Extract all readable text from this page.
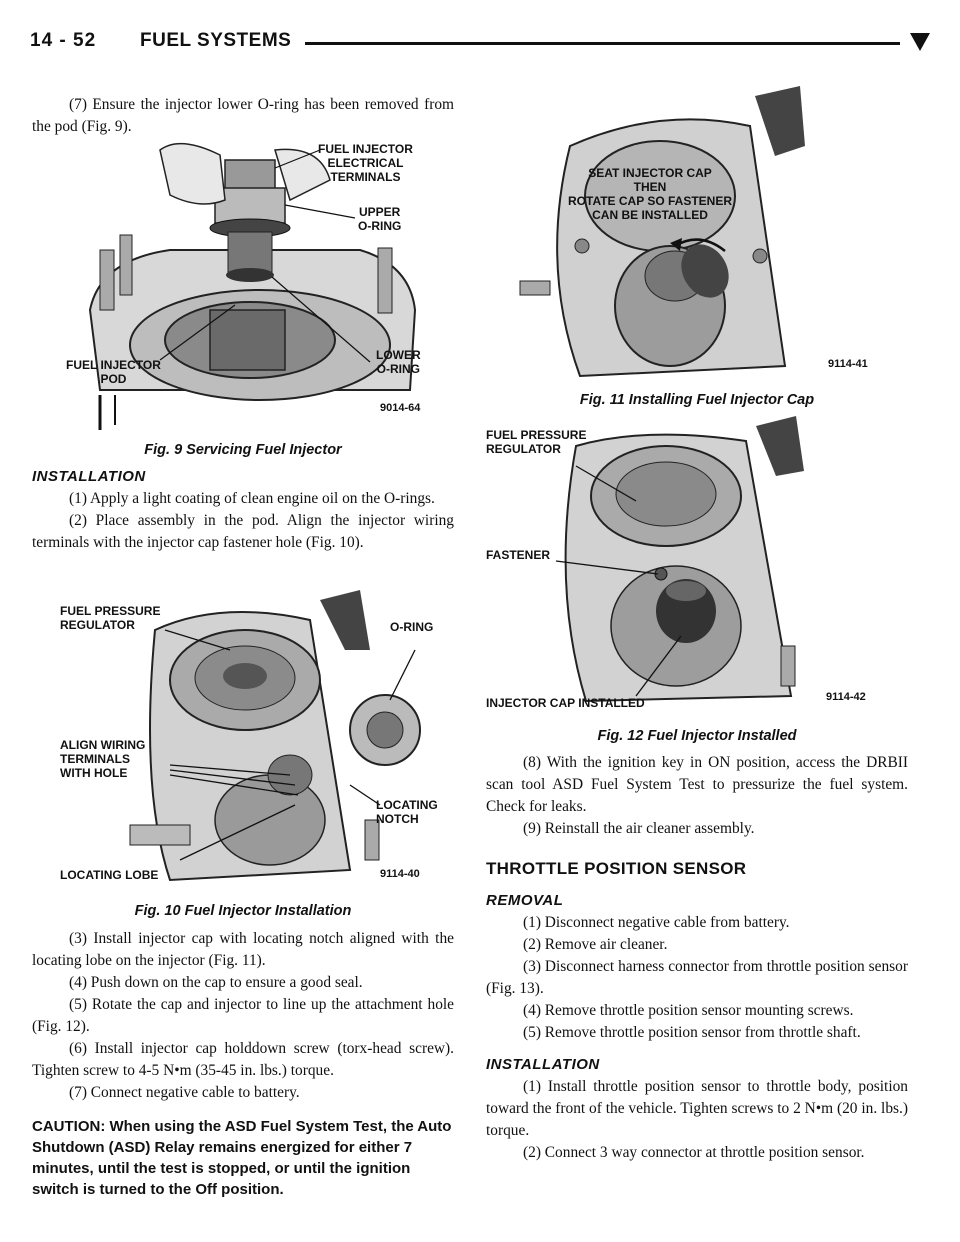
14 - 52 FUEL SYSTEMS

(7) Ensure the injector lower O-ring has been removed from the pod (Fig. 9).

FUEL INJECTOR
ELECTRICAL
TERMINALS
UPPER
O-RING
FUEL INJECTOR
POD
LOWER
O-RING
9014-64
Fig. 9 Servicing Fuel Injector

INSTALLATION

(1) Apply a light coating of clean engine oil on the O-rings.

(2) Place assembly in the pod. Align the injector wiring terminals with the injector cap fastener hole (Fig. 10).

FUEL PRESSURE
REGULATOR	O-RING
ALIGN WIRING
TERMINALS
WITH HOLE
LOCATING
NOTCH
LOCATING LOBE	9114-40
Fig. 10 Fuel Injector Installation

(3) Install injector cap with locating notch aligned with the locating lobe on the injector (Fig. 11).

(4) Push down on the cap to ensure a good seal.

(5) Rotate the cap and injector to line up the attachment hole (Fig. 12).

(6) Install injector cap holddown screw (torx-head screw). Tighten screw to 4-5 N•m (35-45 in. lbs.) torque.

(7) Connect negative cable to battery.

CAUTION: When using the ASD Fuel System Test, the Auto Shutdown (ASD) Relay remains energized for either 7 minutes, until the test is stopped, or until the ignition switch is turned to the Off position.

SEAT INJECTOR CAP
THEN
ROTATE CAP SO FASTENER
CAN BE INSTALLED
9114-41
Fig. 11 Installing Fuel Injector Cap
FUEL PRESSURE
REGULATOR
FASTENER
INJECTOR CAP INSTALLED	9114-42
Fig. 12 Fuel Injector Installed

(8) With the ignition key in ON position, access the DRBII scan tool ASD Fuel System Test to pressurize the fuel system. Check for leaks.

(9) Reinstall the air cleaner assembly.

THROTTLE POSITION SENSOR

REMOVAL

(1) Disconnect negative cable from battery.

(2) Remove air cleaner.

(3) Disconnect harness connector from throttle position sensor (Fig. 13).

(4) Remove throttle position sensor mounting screws.

(5) Remove throttle position sensor from throttle shaft.

INSTALLATION

(1) Install throttle position sensor to throttle body, position toward the front of the vehicle. Tighten screws to 2 N•m (20 in. lbs.) torque.

(2) Connect 3 way connector at throttle position sensor.
